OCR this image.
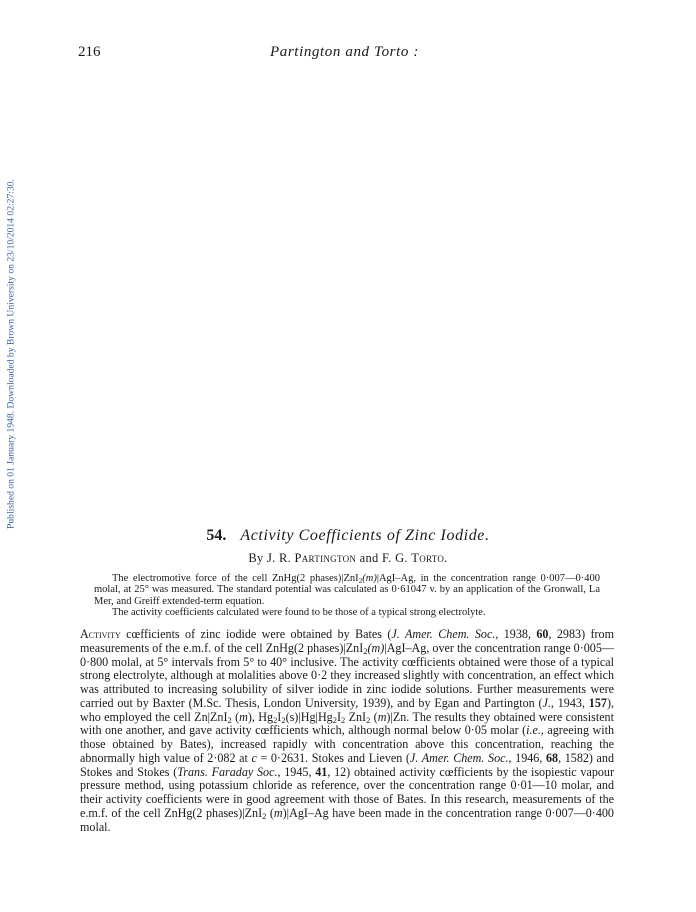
216	Partington and Torto :
Published on 01 January 1948. Downloaded by Brown University on 23/10/2014 02:27:30.
54. Activity Coefficients of Zinc Iodide.
By J. R. Partington and F. G. Torto.

The electromotive force of the cell ZnHg(2 phases)|ZnI$_2$(m)|AgI–Ag, in the concentration range 0·007—0·400 molal, at 25° was measured. The standard potential was calculated as 0·61047 v. by an application of the Gronwall, La Mer, and Greiff extended-term equation.

The activity coefficients calculated were found to be those of a typical strong electrolyte.

Activity cœfficients of zinc iodide were obtained by Bates (J. Amer. Chem. Soc., 1938, 60, 2983) from measurements of the e.m.f. of the cell ZnHg(2 phases)|ZnI$_2$(m)|AgI–Ag, over the concentration range 0·005—0·800 molal, at 5° intervals from 5° to 40° inclusive. The activity cœfficients obtained were those of a typical strong electrolyte, although at molalities above 0·2 they increased slightly with concentration, an effect which was attributed to increasing solubility of silver iodide in zinc iodide solutions. Further measurements were carried out by Baxter (M.Sc. Thesis, London University, 1939), and by Egan and Partington (J., 1943, 157), who employed the cell Zn|ZnI$_2$ (m), $Hg_2I_2(s)|Hg|Hg_2I_2$ ZnI$_2$ (m)|Zn. The results they obtained were consistent with one another, and gave activity cœfficients which, although normal below 0·05 molar (i.e., agreeing with those obtained by Bates), increased rapidly with concentration above this concentration, reaching the abnormally high value of 2·082 at c = 0·2631. Stokes and Lieven (J. Amer. Chem. Soc., 1946, 68, 1582) and Stokes and Stokes (Trans. Faraday Soc., 1945, 41, 12) obtained activity cœfficients by the isopiestic vapour pressure method, using potassium chloride as reference, over the concentration range 0·01—10 molar, and their activity coefficients were in good agreement with those of Bates. In this research, measurements of the e.m.f. of the cell ZnHg(2 phases)|ZnI$_2$ (m)|AgI–Ag have been made in the concentration range 0·007—0·400 molal.
